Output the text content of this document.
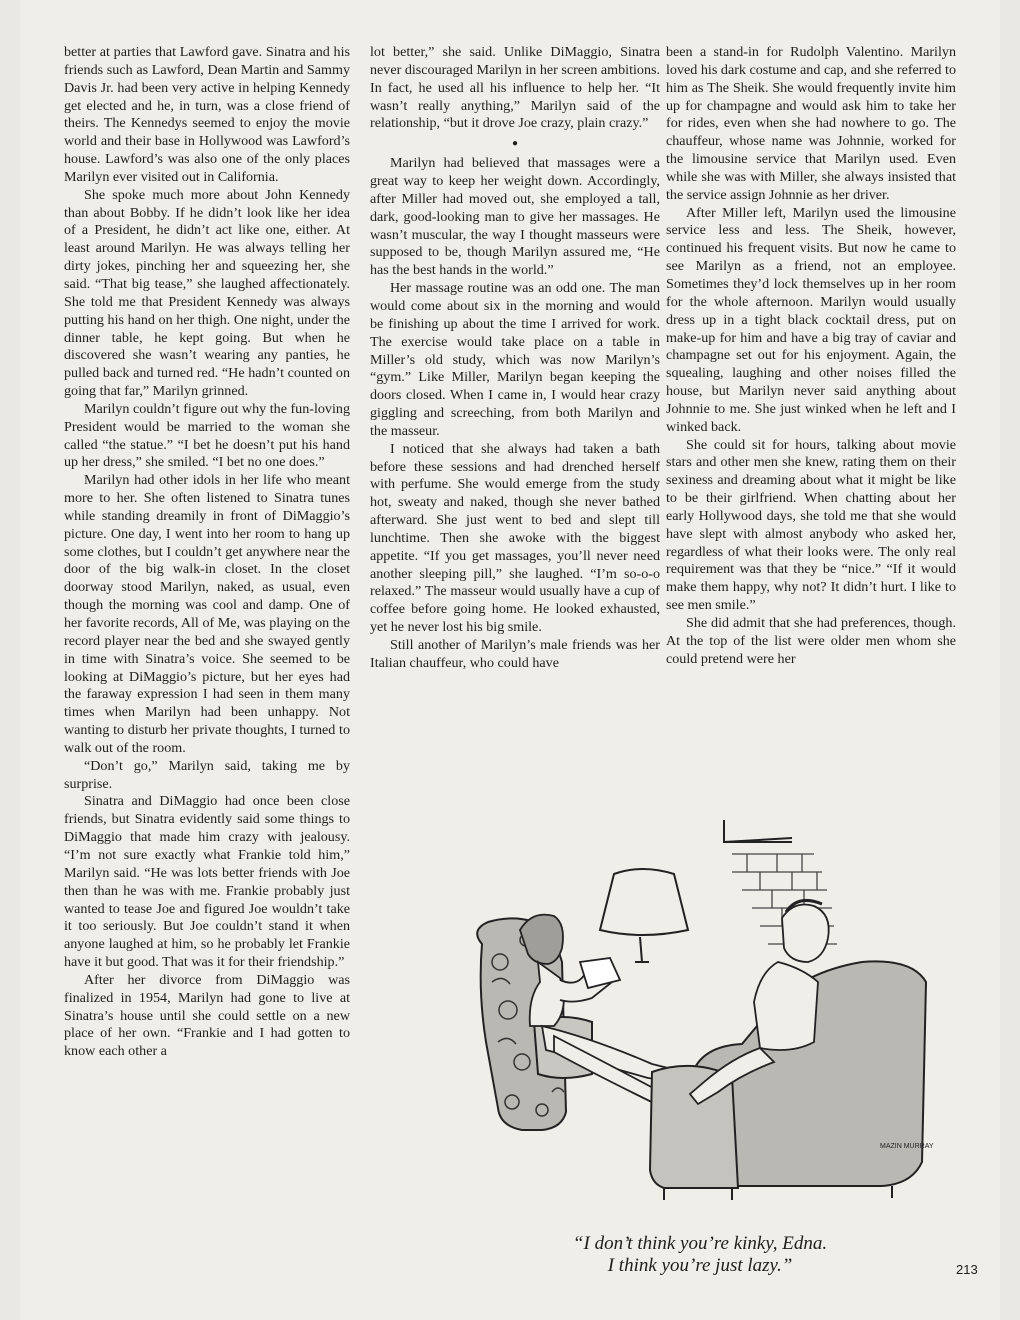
better at parties that Lawford gave. Sinatra and his friends such as Lawford, Dean Martin and Sammy Davis Jr. had been very active in helping Kennedy get elected and he, in turn, was a close friend of theirs. The Kennedys seemed to enjoy the movie world and their base in Hollywood was Lawford’s house. Lawford’s was also one of the only places Marilyn ever visited out in California.

She spoke much more about John Kennedy than about Bobby. If he didn’t look like her idea of a President, he didn’t act like one, either. At least around Marilyn. He was always telling her dirty jokes, pinching her and squeezing her, she said. “That big tease,” she laughed affectionately. She told me that President Kennedy was always putting his hand on her thigh. One night, under the dinner table, he kept going. But when he discovered she wasn’t wearing any panties, he pulled back and turned red. “He hadn’t counted on going that far,” Marilyn grinned.

Marilyn couldn’t figure out why the fun-loving President would be married to the woman she called “the statue.” “I bet he doesn’t put his hand up her dress,” she smiled. “I bet no one does.”

Marilyn had other idols in her life who meant more to her. She often listened to Sinatra tunes while standing dreamily in front of DiMaggio’s picture. One day, I went into her room to hang up some clothes, but I couldn’t get anywhere near the door of the big walk-in closet. In the closet doorway stood Marilyn, naked, as usual, even though the morning was cool and damp. One of her favorite records, All of Me, was playing on the record player near the bed and she swayed gently in time with Sinatra’s voice. She seemed to be looking at DiMaggio’s picture, but her eyes had the faraway expression I had seen in them many times when Marilyn had been unhappy. Not wanting to disturb her private thoughts, I turned to walk out of the room.

“Don’t go,” Marilyn said, taking me by surprise.

Sinatra and DiMaggio had once been close friends, but Sinatra evidently said some things to DiMaggio that made him crazy with jealousy. “I’m not sure exactly what Frankie told him,” Marilyn said. “He was lots better friends with Joe then than he was with me. Frankie probably just wanted to tease Joe and figured Joe wouldn’t take it too seriously. But Joe couldn’t stand it when anyone laughed at him, so he probably let Frankie have it but good. That was it for their friendship.”

After her divorce from DiMaggio was finalized in 1954, Marilyn had gone to live at Sinatra’s house until she could settle on a new place of her own. “Frankie and I had gotten to know each other a

lot better,” she said. Unlike DiMaggio, Sinatra never discouraged Marilyn in her screen ambitions. In fact, he used all his influence to help her. “It wasn’t really anything,” Marilyn said of the relationship, “but it drove Joe crazy, plain crazy.”

●

Marilyn had believed that massages were a great way to keep her weight down. Accordingly, after Miller had moved out, she employed a tall, dark, good-looking man to give her massages. He wasn’t muscular, the way I thought masseurs were supposed to be, though Marilyn assured me, “He has the best hands in the world.”

Her massage routine was an odd one. The man would come about six in the morning and would be finishing up about the time I arrived for work. The exercise would take place on a table in Miller’s old study, which was now Marilyn’s “gym.” Like Miller, Marilyn began keeping the doors closed. When I came in, I would hear crazy giggling and screeching, from both Marilyn and the masseur.

I noticed that she always had taken a bath before these sessions and had drenched herself with perfume. She would emerge from the study hot, sweaty and naked, though she never bathed afterward. She just went to bed and slept till lunchtime. Then she awoke with the biggest appetite. “If you get massages, you’ll never need another sleeping pill,” she laughed. “I’m so-o-o relaxed.” The masseur would usually have a cup of coffee before going home. He looked exhausted, yet he never lost his big smile.

Still another of Marilyn’s male friends was her Italian chauffeur, who could have

been a stand-in for Rudolph Valentino. Marilyn loved his dark costume and cap, and she referred to him as The Sheik. She would frequently invite him up for champagne and would ask him to take her for rides, even when she had nowhere to go. The chauffeur, whose name was Johnnie, worked for the limousine service that Marilyn used. Even while she was with Miller, she always insisted that the service assign Johnnie as her driver.

After Miller left, Marilyn used the limousine service less and less. The Sheik, however, continued his frequent visits. But now he came to see Marilyn as a friend, not an employee. Sometimes they’d lock themselves up in her room for the whole afternoon. Marilyn would usually dress up in a tight black cocktail dress, put on make-up for him and have a big tray of caviar and champagne set out for his enjoyment. Again, the squealing, laughing and other noises filled the house, but Marilyn never said anything about Johnnie to me. She just winked when he left and I winked back.

She could sit for hours, talking about movie stars and other men she knew, rating them on their sexiness and dreaming about what it might be like to be their girlfriend. When chatting about her early Hollywood days, she told me that she would have slept with almost anybody who asked her, regardless of what their looks were. The only real requirement was that they be “nice.” “If it would make them happy, why not? It didn’t hurt. I like to see men smile.”

She did admit that she had preferences, though. At the top of the list were older men whom she could pretend were her

MAZIN MURRAY
“I don’t think you’re kinky, Edna.
I think you’re just lazy.”	213
